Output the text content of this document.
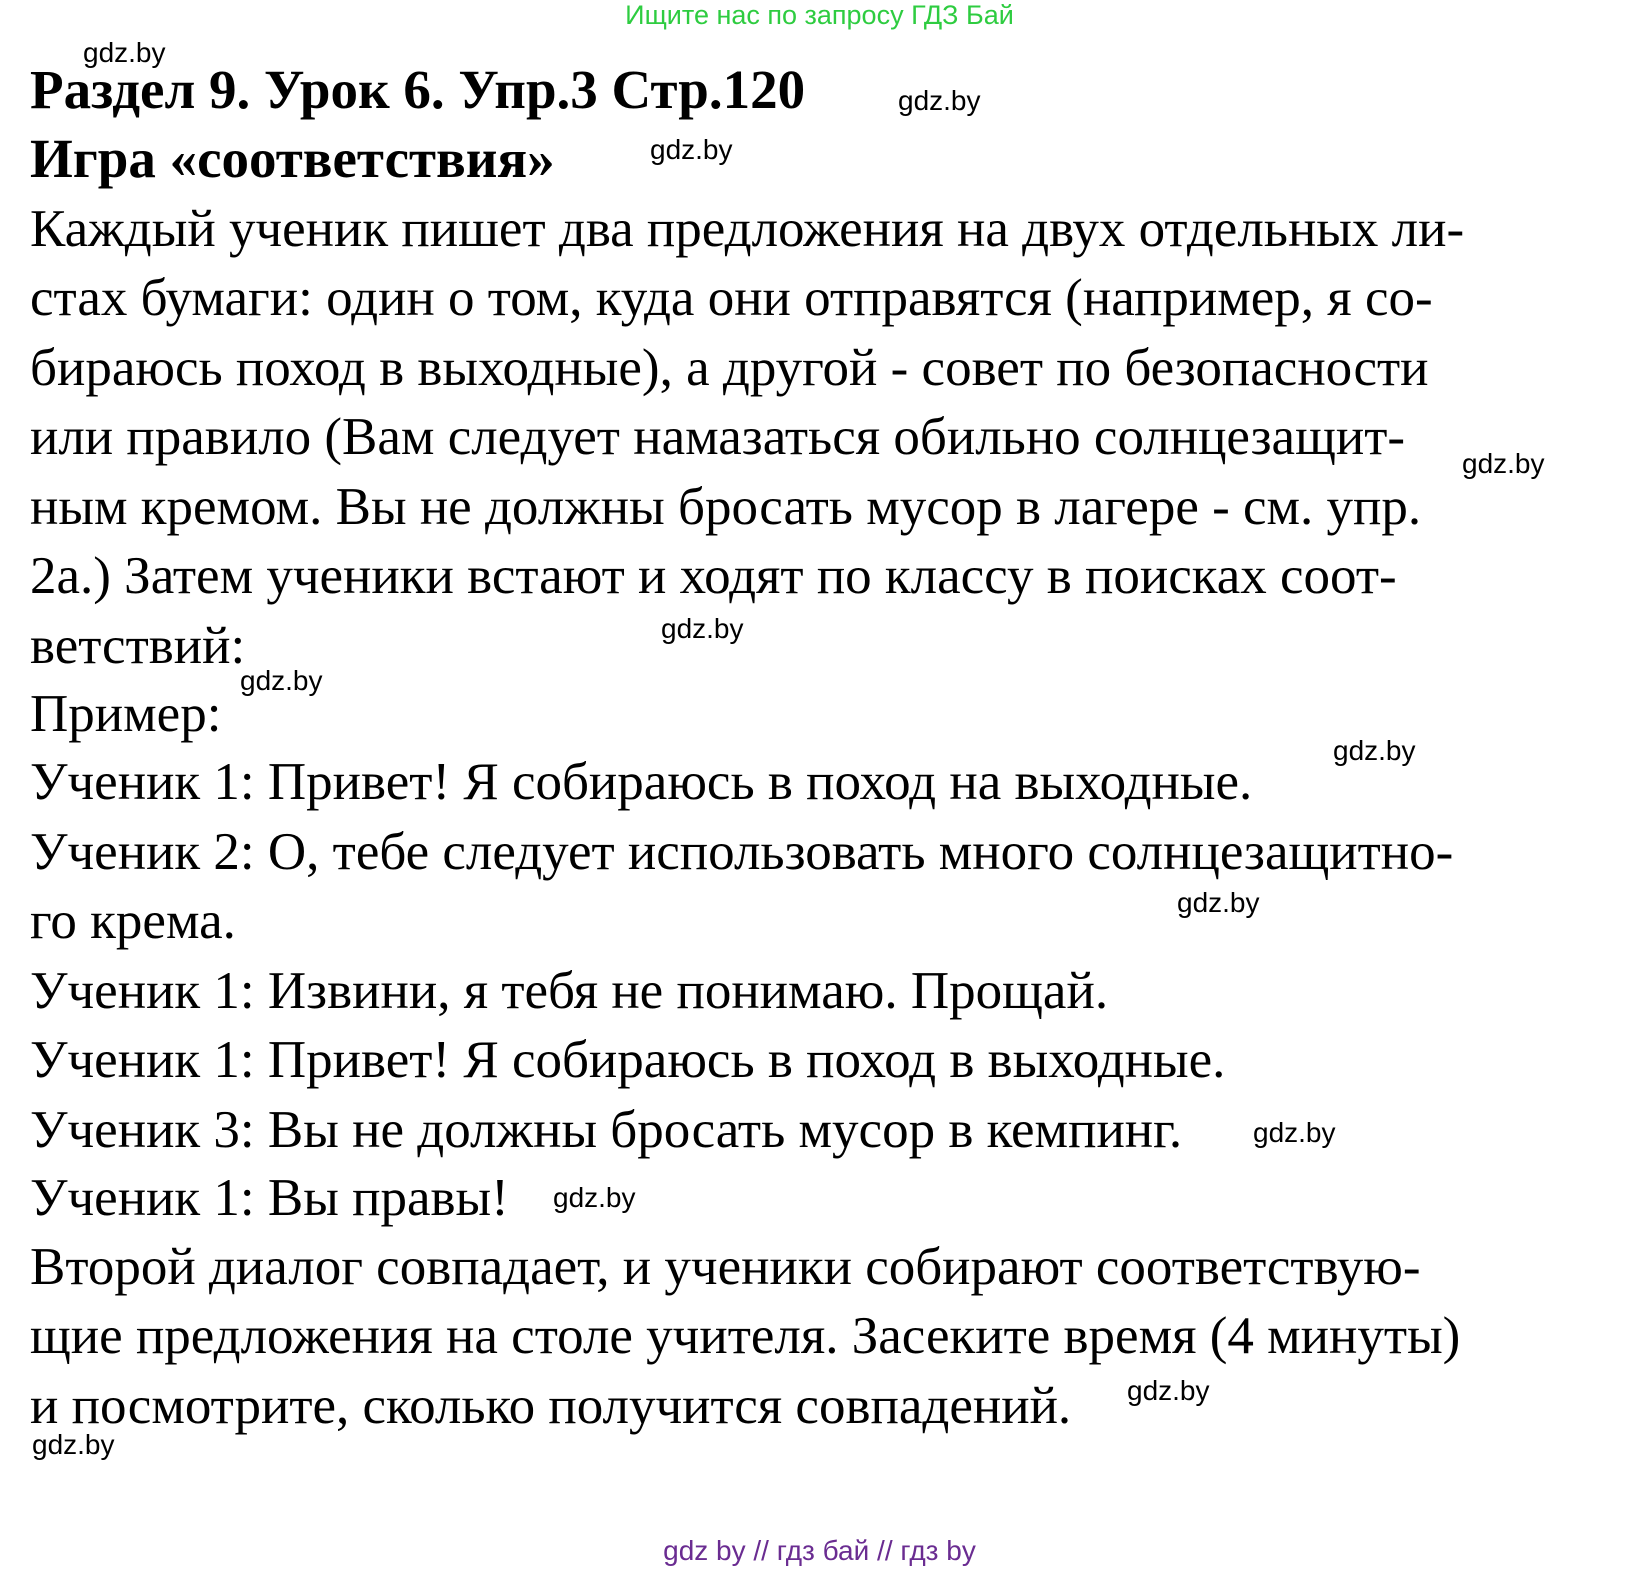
Ищите нас по запросу ГДЗ Бай
Раздел 9. Урок 6. Упр.3 Стр.120
Игра «соответствия»
Каждый ученик пишет два предложения на двух отдельных ли-
стах бумаги: один о том, куда они отправятся (например, я со-
бираюсь поход в выходные), а другой - совет по безопасности
или правило (Вам следует намазаться обильно солнцезащит-
ным кремом. Вы не должны бросать мусор в лагере - см. упр.
2а.) Затем ученики встают и ходят по классу в поисках соот-
ветствий:
Пример:
Ученик 1: Привет! Я собираюсь в поход на выходные.
Ученик 2: О, тебе следует использовать много солнцезащитно-
го крема.
Ученик 1: Извини, я тебя не понимаю. Прощай.
Ученик 1: Привет! Я собираюсь в поход в выходные.
Ученик 3: Вы не должны бросать мусор в кемпинг.
Ученик 1: Вы правы!
Второй диалог совпадает, и ученики собирают соответствую-
щие предложения на столе учителя. Засеките время (4 минуты)
и посмотрите, сколько получится совпадений.
gdz.by
gdz.by
gdz.by
gdz.by
gdz.by
gdz.by
gdz.by
gdz.by
gdz.by
gdz.by
gdz.by
gdz.by
gdz by // гдз бай // гдз by
